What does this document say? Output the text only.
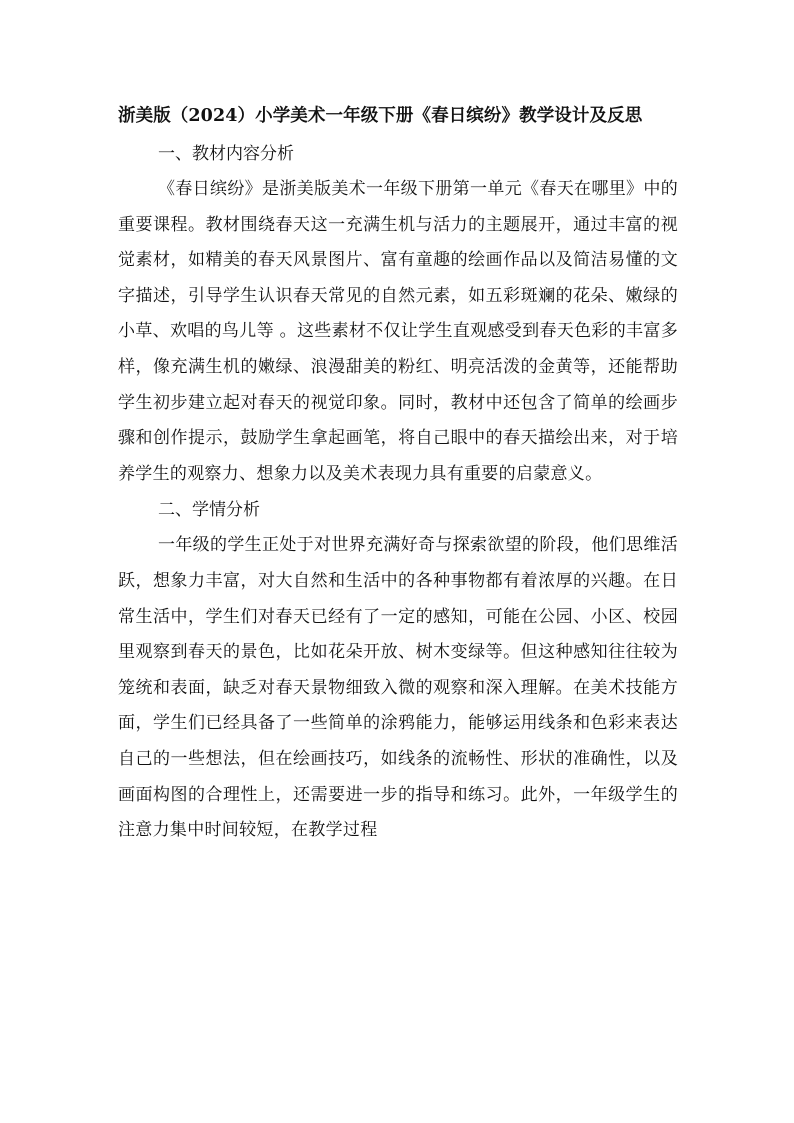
浙美版（2024）小学美术一年级下册《春日缤纷》教学设计及反思

一、教材内容分析

《春日缤纷》是浙美版美术一年级下册第一单元《春天在哪里》中的重要课程。教材围绕春天这一充满生机与活力的主题展开，通过丰富的视觉素材，如精美的春天风景图片、富有童趣的绘画作品以及简洁易懂的文字描述，引导学生认识春天常见的自然元素，如五彩斑斓的花朵、嫩绿的小草、欢唱的鸟儿等 。这些素材不仅让学生直观感受到春天色彩的丰富多样，像充满生机的嫩绿、浪漫甜美的粉红、明亮活泼的金黄等，还能帮助学生初步建立起对春天的视觉印象。同时，教材中还包含了简单的绘画步骤和创作提示，鼓励学生拿起画笔，将自己眼中的春天描绘出来，对于培养学生的观察力、想象力以及美术表现力具有重要的启蒙意义。

二、学情分析

一年级的学生正处于对世界充满好奇与探索欲望的阶段，他们思维活跃，想象力丰富，对大自然和生活中的各种事物都有着浓厚的兴趣。在日常生活中，学生们对春天已经有了一定的感知，可能在公园、小区、校园里观察到春天的景色，比如花朵开放、树木变绿等。但这种感知往往较为笼统和表面，缺乏对春天景物细致入微的观察和深入理解。在美术技能方面，学生们已经具备了一些简单的涂鸦能力，能够运用线条和色彩来表达自己的一些想法，但在绘画技巧，如线条的流畅性、形状的准确性，以及画面构图的合理性上，还需要进一步的指导和练习。此外，一年级学生的注意力集中时间较短，在教学过程
